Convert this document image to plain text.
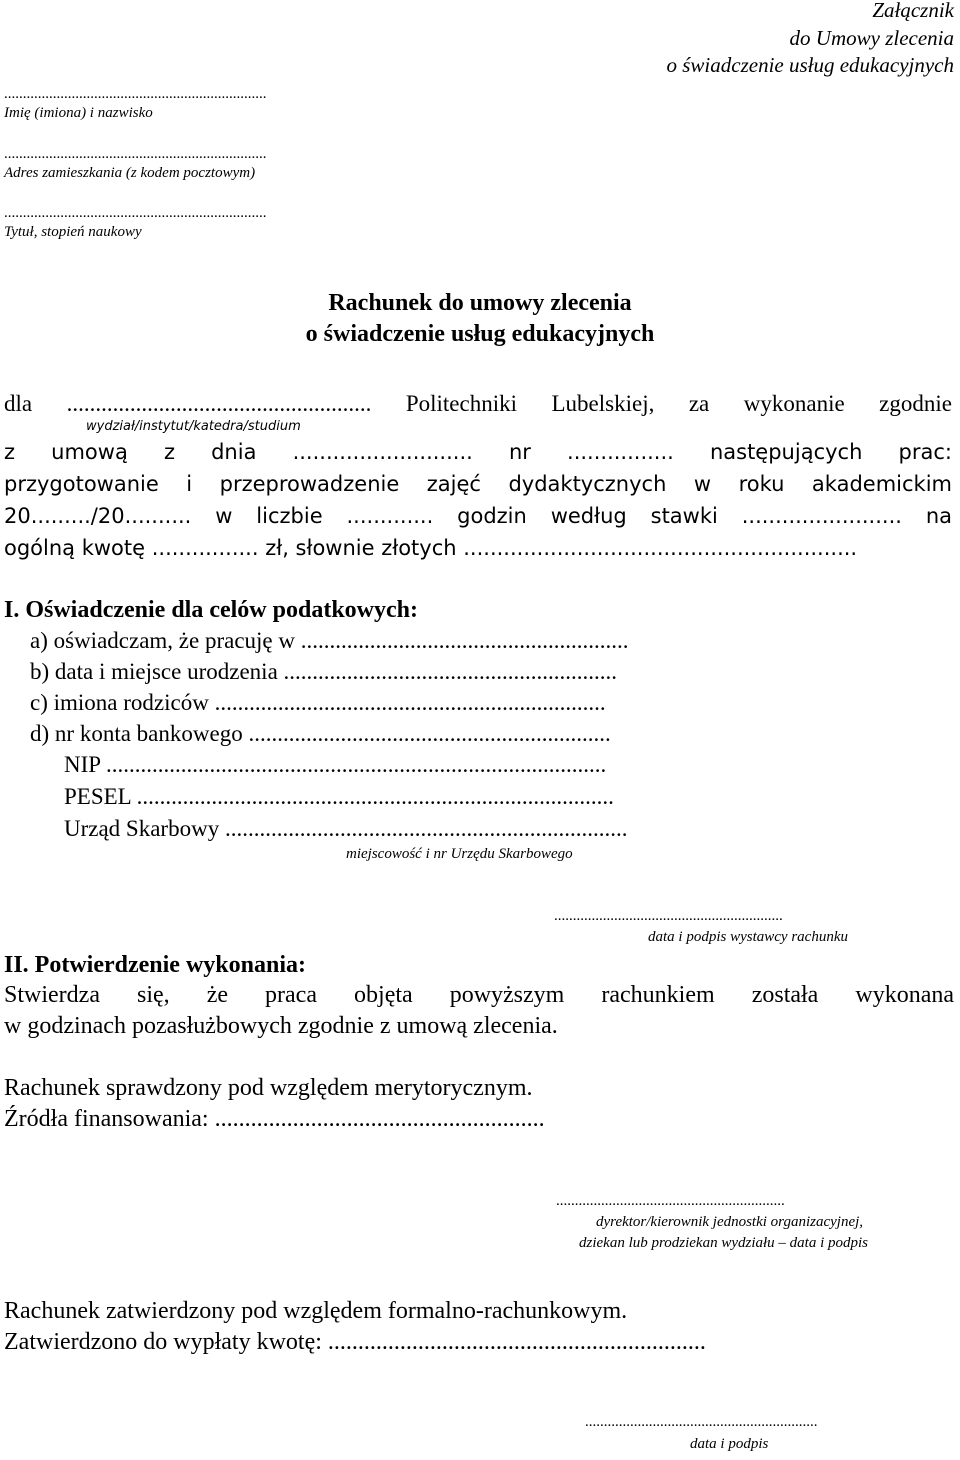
Załącznik
do Umowy zlecenia
o świadczenie usług edukacyjnych
......................................................................
Imię (imiona) i nazwisko
......................................................................
Adres zamieszkania (z kodem pocztowym)
......................................................................
Tytuł, stopień naukowy
Rachunek do umowy zlecenia
o świadczenie usług edukacyjnych
dla ..................................................... Politechniki Lubelskiej, za wykonanie zgodnie
wydział/instytut/katedra/studium
z umową z dnia ........................... nr ................ następujących prac:
przygotowanie i przeprowadzenie zajęć dydaktycznych w roku akademickim
20........./20.......... w liczbie ............. godzin według stawki ........................ na
ogólną kwotę ................ zł, słownie złotych ...........................................................
I. Oświadczenie dla celów podatkowych:
a) oświadczam, że pracuję w .........................................................
b) data i miejsce urodzenia ..........................................................
c) imiona rodziców ....................................................................
d) nr konta bankowego ...............................................................
NIP .......................................................................................
PESEL ...................................................................................
Urząd Skarbowy ......................................................................
miejscowość i nr Urzędu Skarbowego
.............................................................
data i podpis wystawcy rachunku
II. Potwierdzenie wykonania:
Stwierdza się, że praca objęta powyższym rachunkiem została wykonana
w godzinach pozasłużbowych zgodnie z umową zlecenia.
Rachunek sprawdzony pod względem merytorycznym.
Źródła finansowania: .......................................................
.............................................................
dyrektor/kierownik jednostki organizacyjnej,
dziekan lub prodziekan wydziału – data i podpis
Rachunek zatwierdzony pod względem formalno-rachunkowym.
Zatwierdzono do wypłaty kwotę: ...............................................................
..............................................................
data i podpis
